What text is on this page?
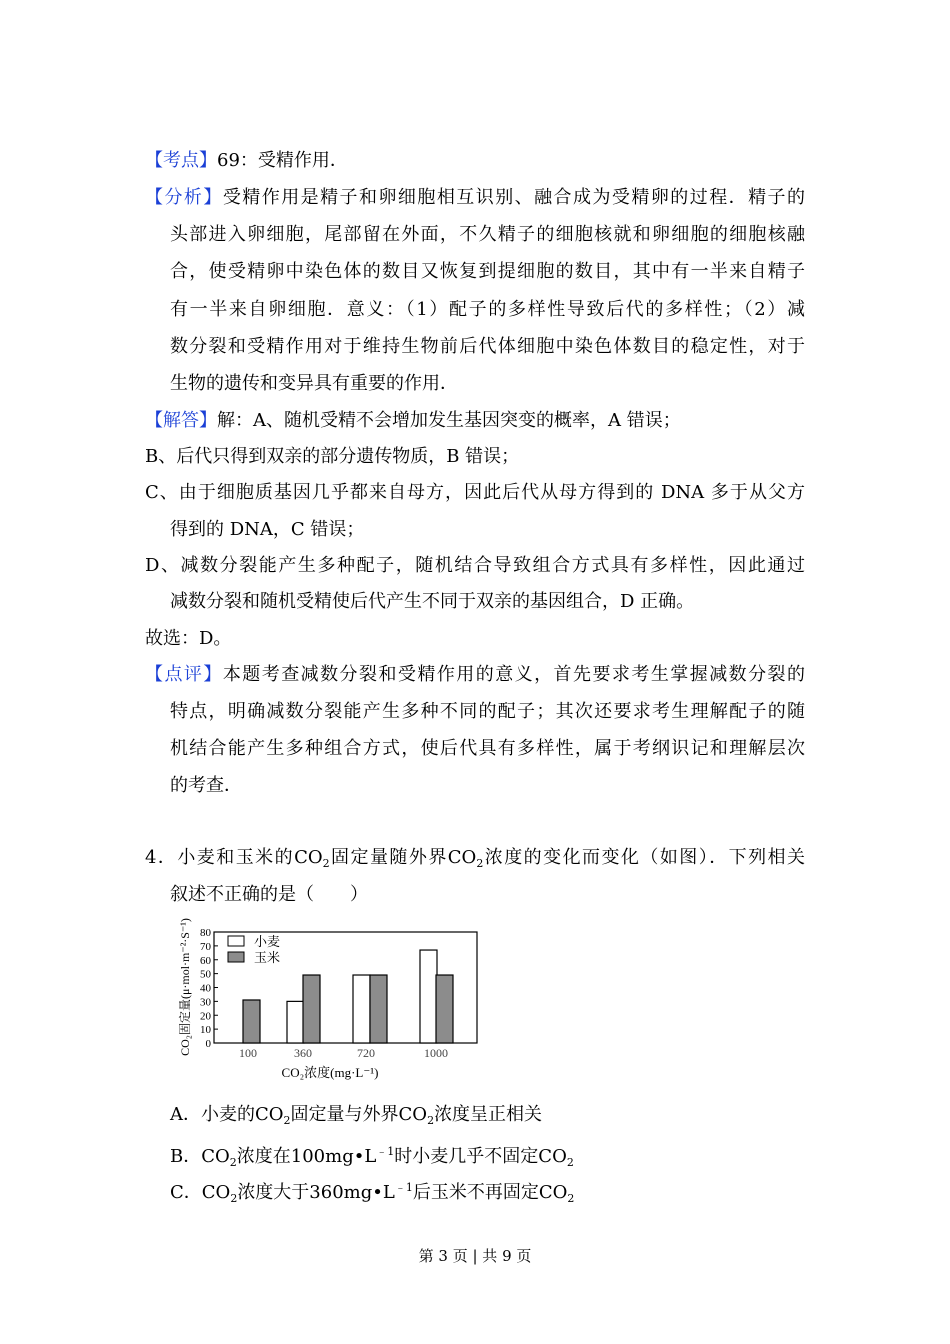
【考点】69：受精作用．
【分析】受精作用是精子和卵细胞相互识别、融合成为受精卵的过程．精子的
头部进入卵细胞，尾部留在外面，不久精子的细胞核就和卵细胞的细胞核融
合，使受精卵中染色体的数目又恢复到提细胞的数目，其中有一半来自精子
有一半来自卵细胞．意义：（1）配子的多样性导致后代的多样性；（2）减
数分裂和受精作用对于维持生物前后代体细胞中染色体数目的稳定性，对于
生物的遗传和变异具有重要的作用．
【解答】解：A、随机受精不会增加发生基因突变的概率，A 错误；
B、后代只得到双亲的部分遗传物质，B 错误；
C、由于细胞质基因几乎都来自母方，因此后代从母方得到的 DNA 多于从父方
得到的 DNA，C 错误；
D、减数分裂能产生多种配子，随机结合导致组合方式具有多样性，因此通过
减数分裂和随机受精使后代产生不同于双亲的基因组合，D 正确。
故选：D。
【点评】本题考查减数分裂和受精作用的意义，首先要求考生掌握减数分裂的
特点，明确减数分裂能产生多种不同的配子；其次还要求考生理解配子的随
机结合能产生多种组合方式，使后代具有多样性，属于考纲识记和理解层次
的考查．
4．小麦和玉米的$CO_2$固定量随外界$CO_2$浓度的变化而变化（如图）．下列相关
叙述不正确的是（　　）
A．小麦的$CO_2$固定量与外界$CO_2$浓度呈正相关
B．$CO_2$浓度在$100mg•L^{﹣1}$时小麦几乎不固定$CO_2$
C．$CO_2$浓度大于$360mg•L^{﹣1}$后玉米不再固定$CO_2$
0
10
20
30
40
50
60
70
80
100	360	720	1000
小麦
玉米
CO₂固定量(μ·mol·m⁻²·S⁻¹)
CO₂浓度(mg·L⁻¹)
第 3 页 | 共 9 页
